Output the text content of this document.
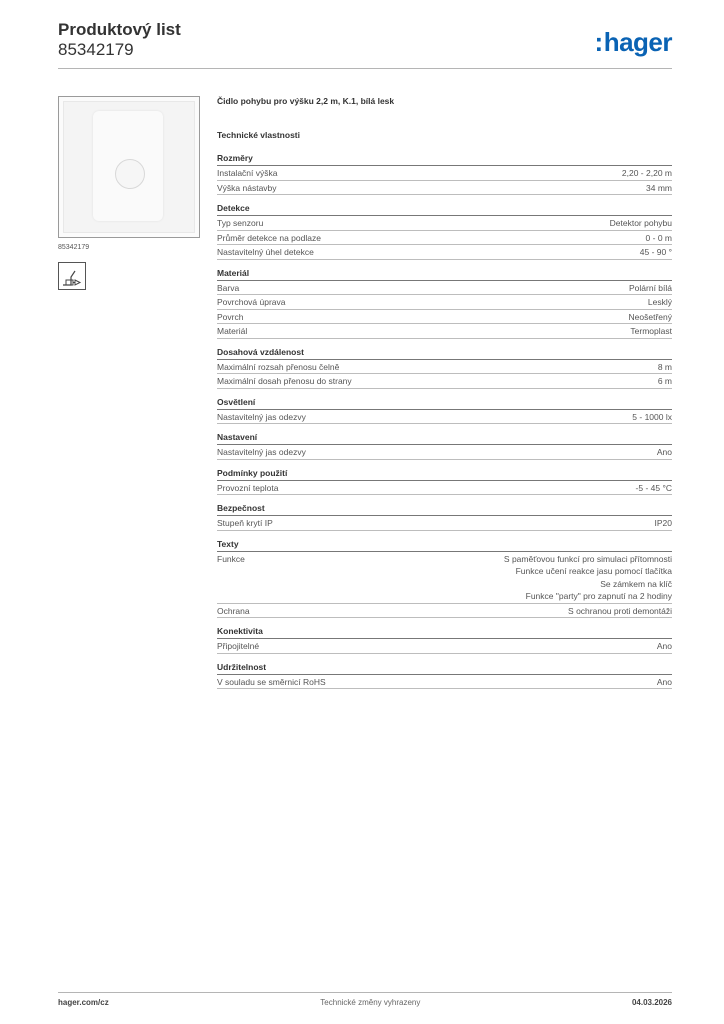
Produktový list
85342179	:hager
85342179
Čidlo pohybu pro výšku 2,2 m, K.1, bílá lesk
Technické vlastnosti
Rozměry
Instalační výška	2,20 - 2,20 m
Výška nástavby	34 mm
Detekce
Typ senzoru	Detektor pohybu
Průměr detekce na podlaze	0 - 0 m
Nastavitelný úhel detekce	45 - 90 °
Materiál
Barva	Polární bílá
Povrchová úprava	Lesklý
Povrch	Neošetřený
Materiál	Termoplast
Dosahová vzdálenost
Maximální rozsah přenosu čelně	8 m
Maximální dosah přenosu do strany	6 m
Osvětlení
Nastavitelný jas odezvy	5 - 1000 lx
Nastavení
Nastavitelný jas odezvy	Ano
Podmínky použití
Provozní teplota	-5 - 45 °C
Bezpečnost
Stupeň krytí IP	IP20
Texty
Funkce	S paměťovou funkcí pro simulaci přítomnosti
Funkce učení reakce jasu pomocí tlačítka
Se zámkem na klíč
Funkce "party" pro zapnutí na 2 hodiny
Ochrana	S ochranou proti demontáži
Konektivita
Připojitelné	Ano
Udržitelnost
V souladu se směrnicí RoHS	Ano
hager.com/cz	Technické změny vyhrazeny	04.03.2026
